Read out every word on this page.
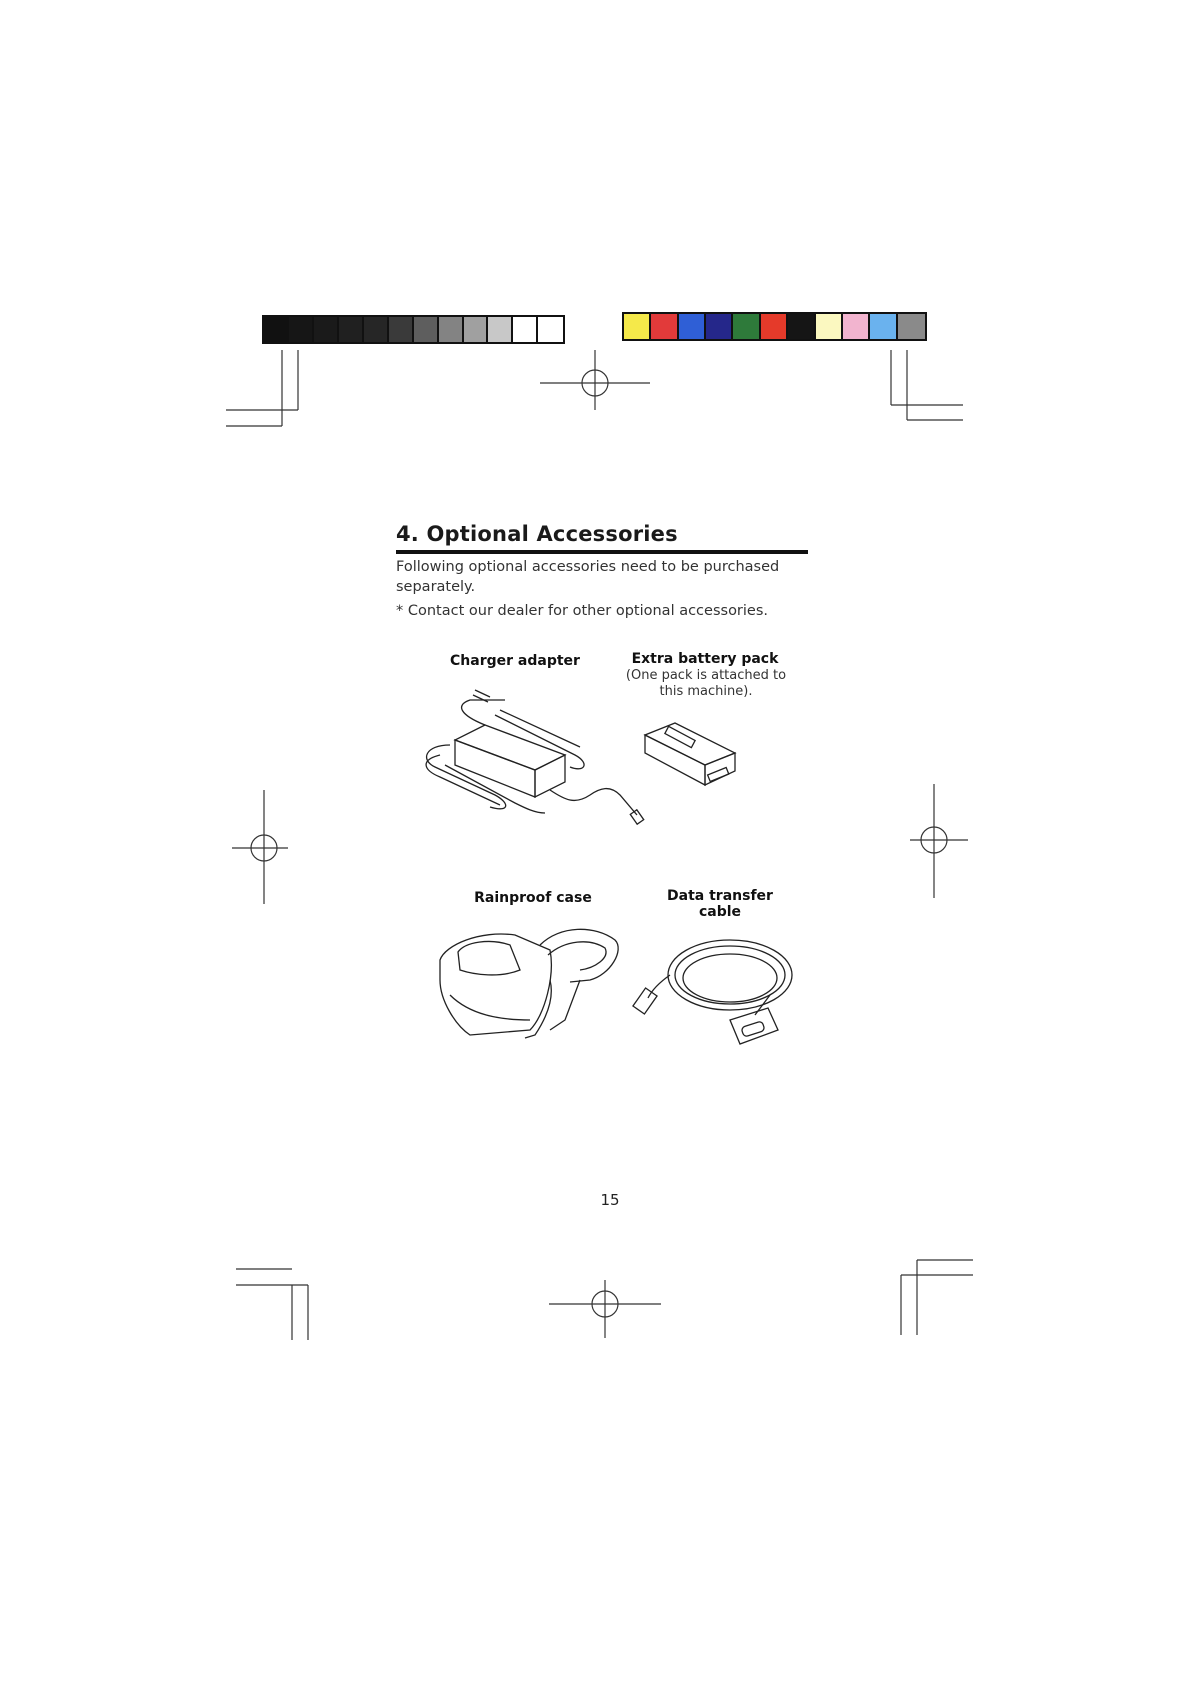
4. Optional Accessories
Following optional accessories need to be purchased separately.
* Contact our dealer for other optional accessories.
Charger adapter	Extra battery pack
(One pack is attached to this machine).
Rainproof case	Data transfer cable
15
